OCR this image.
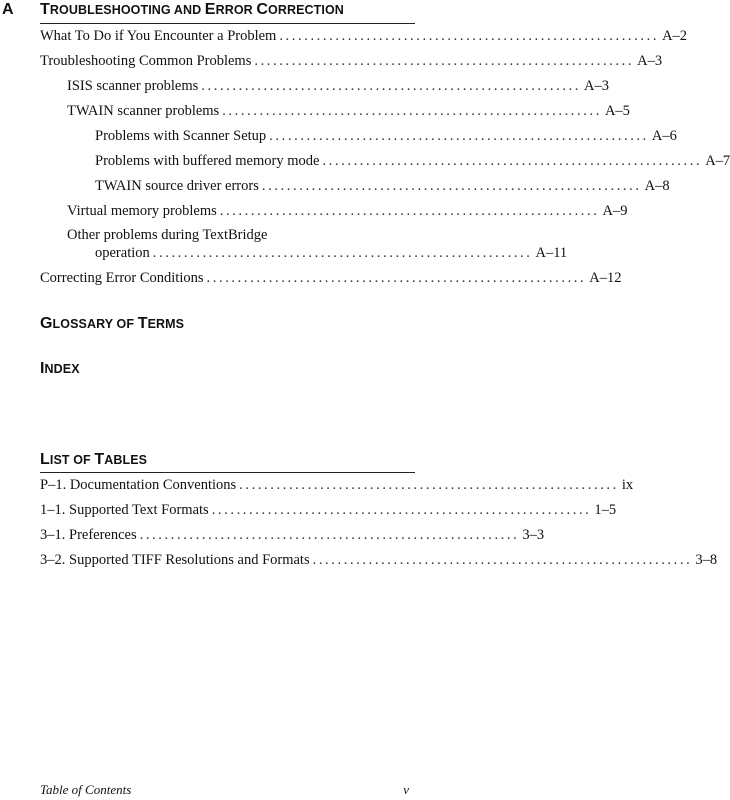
A TROUBLESHOOTING AND ERROR CORRECTION
What To Do if You Encounter a Problem ............................................................. A–2
Troubleshooting Common Problems ............................................................. A–3
ISIS scanner problems ............................................................. A–3
TWAIN scanner problems ............................................................. A–5
Problems with Scanner Setup ............................................................. A–6
Problems with buffered memory mode ............................................................. A–7
TWAIN source driver errors ............................................................. A–8
Virtual memory problems ............................................................. A–9
Other problems during TextBridge
operation ............................................................. A–11
Correcting Error Conditions ............................................................. A–12
GLOSSARY OF TERMS
INDEX
LIST OF TABLES
P–1. Documentation Conventions ............................................................. ix
1–1. Supported Text Formats ............................................................. 1–5
3–1. Preferences ............................................................. 3–3
3–2. Supported TIFF Resolutions and Formats ............................................................. 3–8
Table of Contents	v
